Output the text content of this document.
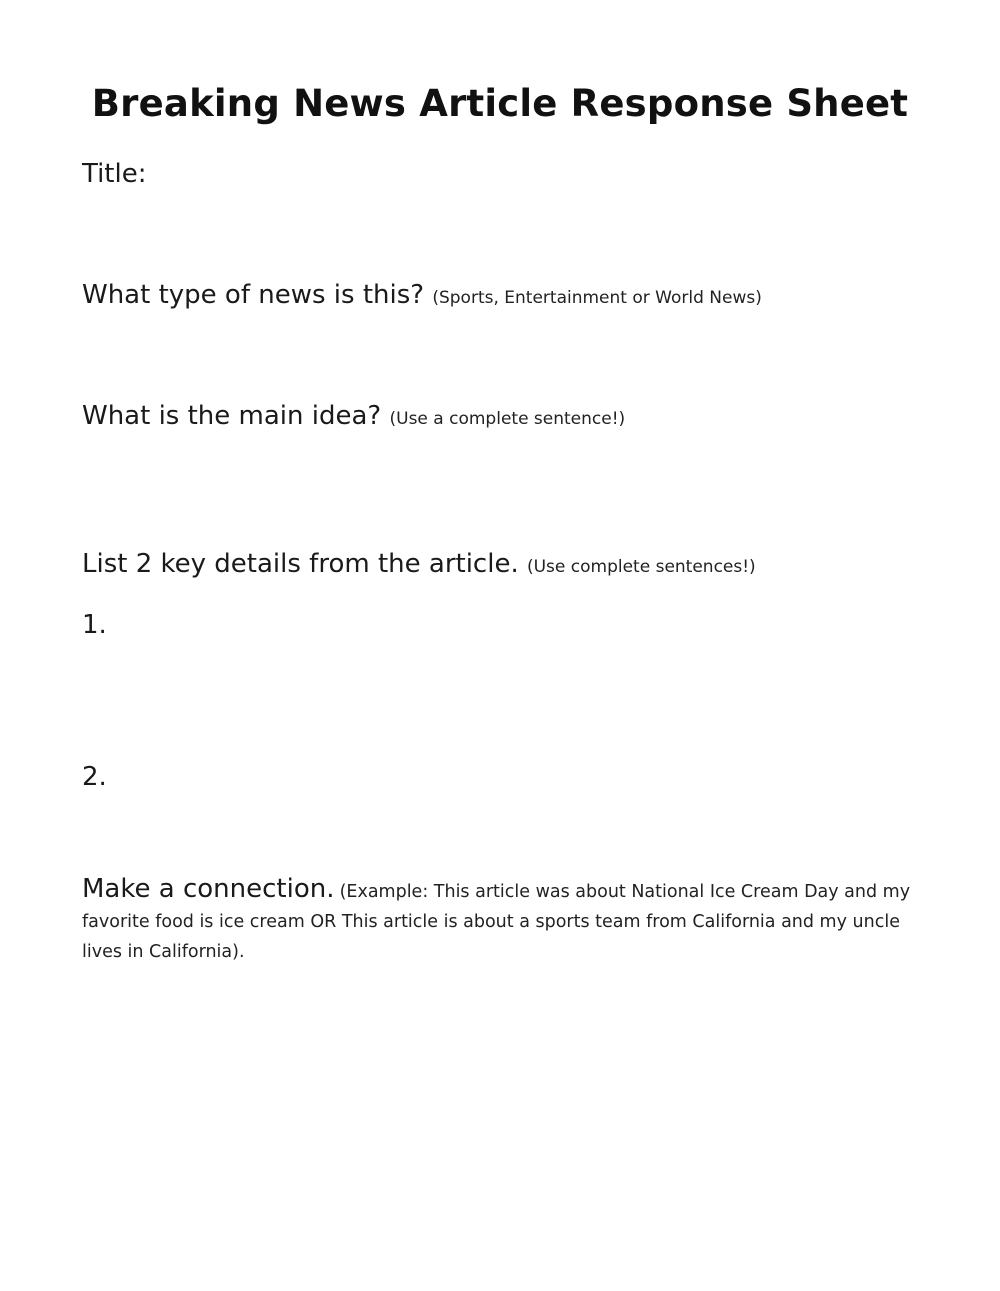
Breaking News Article Response Sheet

Title:

What type of news is this? (Sports, Entertainment or World News)

What is the main idea? (Use a complete sentence!)

List 2 key details from the article. (Use complete sentences!)

1.

2.

Make a connection. (Example: This article was about National Ice Cream Day and my favorite food is ice cream OR This article is about a sports team from California and my uncle lives in California).
